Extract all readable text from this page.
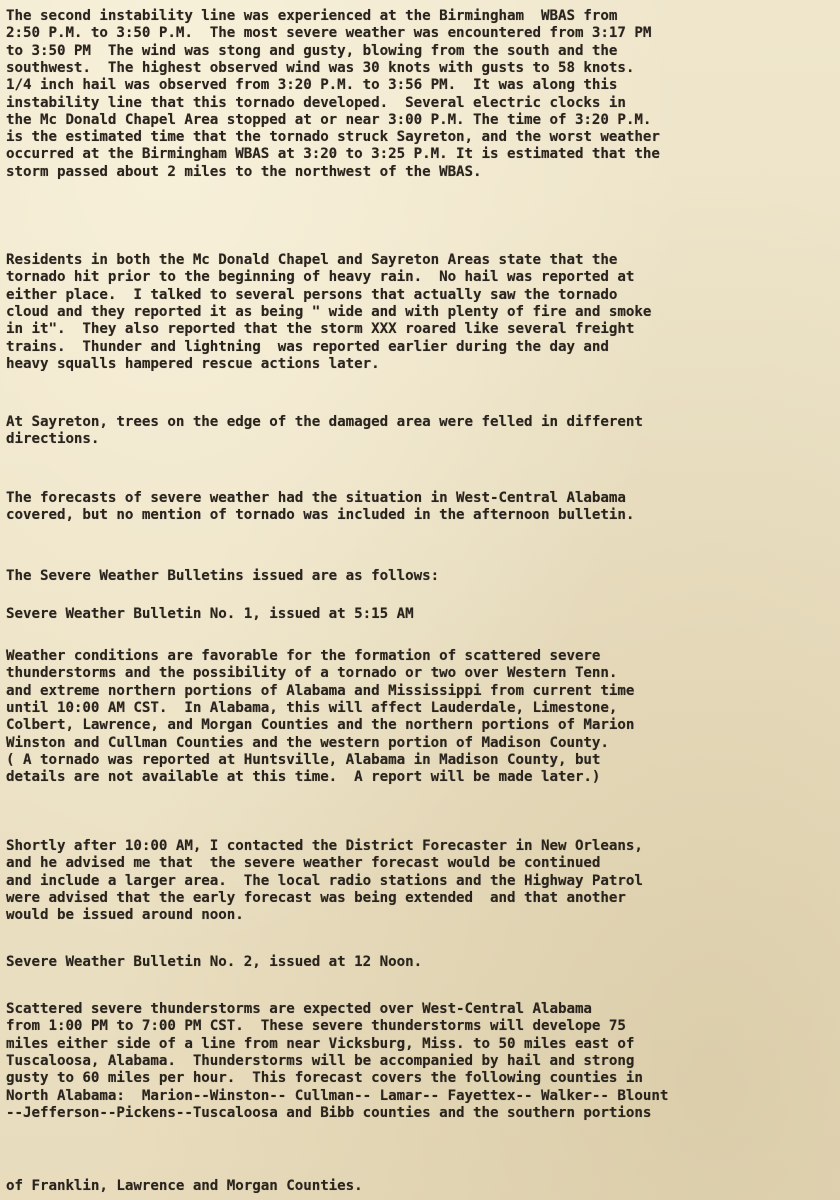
The second instability line was experienced at the Birmingham  WBAS from

2:50 P.M. to 3:50 P.M.  The most severe weather was encountered from 3:17 PM

to 3:50 PM  The wind was stong and gusty, blowing from the south and the

southwest.  The highest observed wind was 30 knots with gusts to 58 knots.

1/4 inch hail was observed from 3:20 P.M. to 3:56 PM.  It was along this

instability line that this tornado developed.  Several electric clocks in

the Mc Donald Chapel Area stopped at or near 3:00 P.M. The time of 3:20 P.M.

is the estimated time that the tornado struck Sayreton, and the worst weather

occurred at the Birmingham WBAS at 3:20 to 3:25 P.M. It is estimated that the

storm passed about 2 miles to the northwest of the WBAS.

Residents in both the Mc Donald Chapel and Sayreton Areas state that the

tornado hit prior to the beginning of heavy rain.  No hail was reported at

either place.  I talked to several persons that actually saw the tornado

cloud and they reported it as being " wide and with plenty of fire and smoke

in it".  They also reported that the storm XXX roared like several freight

trains.  Thunder and lightning  was reported earlier during the day and

heavy squalls hampered rescue actions later.

At Sayreton, trees on the edge of the damaged area were felled in different

directions.

The forecasts of severe weather had the situation in West-Central Alabama

covered, but no mention of tornado was included in the afternoon bulletin.

The Severe Weather Bulletins issued are as follows:

Severe Weather Bulletin No. 1, issued at 5:15 AM

Weather conditions are favorable for the formation of scattered severe

thunderstorms and the possibility of a tornado or two over Western Tenn.

and extreme northern portions of Alabama and Mississippi from current time

until 10:00 AM CST.  In Alabama, this will affect Lauderdale, Limestone,

Colbert, Lawrence, and Morgan Counties and the northern portions of Marion

Winston and Cullman Counties and the western portion of Madison County.

( A tornado was reported at Huntsville, Alabama in Madison County, but

details are not available at this time.  A report will be made later.)

Shortly after 10:00 AM, I contacted the District Forecaster in New Orleans,

and he advised me that  the severe weather forecast would be continued

and include a larger area.  The local radio stations and the Highway Patrol

were advised that the early forecast was being extended  and that another

would be issued around noon.

Severe Weather Bulletin No. 2, issued at 12 Noon.

Scattered severe thunderstorms are expected over West-Central Alabama

from 1:00 PM to 7:00 PM CST.  These severe thunderstorms will develope 75

miles either side of a line from near Vicksburg, Miss. to 50 miles east of

Tuscaloosa, Alabama.  Thunderstorms will be accompanied by hail and strong

gusty to 60 miles per hour.  This forecast covers the following counties in

North Alabama:  Marion--Winston-- Cullman-- Lamar-- Fayettex-- Walker-- Blount

--Jefferson--Pickens--Tuscaloosa and Bibb counties and the southern portions

of Franklin, Lawrence and Morgan Counties.
